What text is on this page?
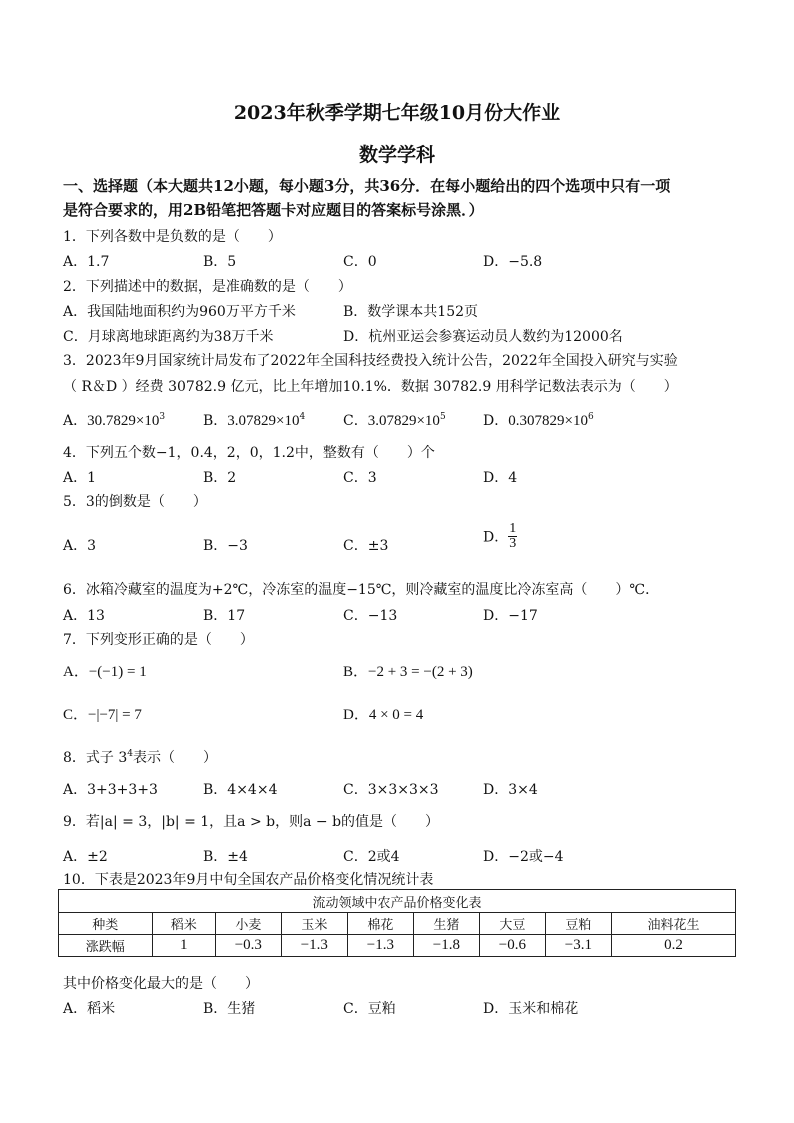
2023年秋季学期七年级10月份大作业
数学学科
一、选择题（本大题共12小题，每小题3分，共36分．在每小题给出的四个选项中只有一项
是符合要求的，用2B铅笔把答题卡对应题目的答案标号涂黑．）
1．下列各数中是负数的是（　　）
A．1.7	B．5	C．0	D．−5.8
2．下列描述中的数据，是准确数的是（　　）
A．我国陆地面积约为960万平方千米	B．数学课本共152页
C．月球离地球距离约为38万千米	D．杭州亚运会参赛运动员人数约为12000名
3．2023年9月国家统计局发布了2022年全国科技经费投入统计公告，2022年全国投入研究与实验
（ R＆D ）经费 30782.9 亿元，比上年增加10.1%．数据 30782.9 用科学记数法表示为（　　）
A．$30.7829\times 10^3$	B．$3.07829\times 10^4$	C．$3.07829\times 10^5$	D．$0.307829\times 10^6$
4．下列五个数−1，0.4，2，0，1.2中，整数有（　　）个
A．1	B．2	C．3	D．4
5．3的倒数是（　　）
A．3	B．−3	C．±3
D． $\frac{1}{3}$
6．冰箱冷藏室的温度为+2℃，冷冻室的温度−15℃，则冷藏室的温度比冷冻室高（　　）℃．
A．13	B．17	C．−13	D．−17
7．下列变形正确的是（　　）
A．−(−1) = 1	B．−2 + 3 = −(2 + 3)
C．−|−7| = 7	D．4 × 0 = 4
8．式子 $3^4$表示（　　）
A．3+3+3+3	B．4×4×4	C．3×3×3×3	D．3×4
9．若|a| = 3，|b| = 1，且a > b，则a − b的值是（　　）
A．±2	B．±4	C．2或4	D．−2或−4
10．下表是2023年9月中旬全国农产品价格变化情况统计表
流动领域中农产品价格变化表								
种类	稻米	小麦	玉米	棉花	生猪	大豆	豆粕	油料花生
涨跌幅	1	−0.3	−1.3	−1.3	−1.8	−0.6	−3.1	0.2
其中价格变化最大的是（　　）
A．稻米	B．生猪	C．豆粕	D．玉米和棉花
